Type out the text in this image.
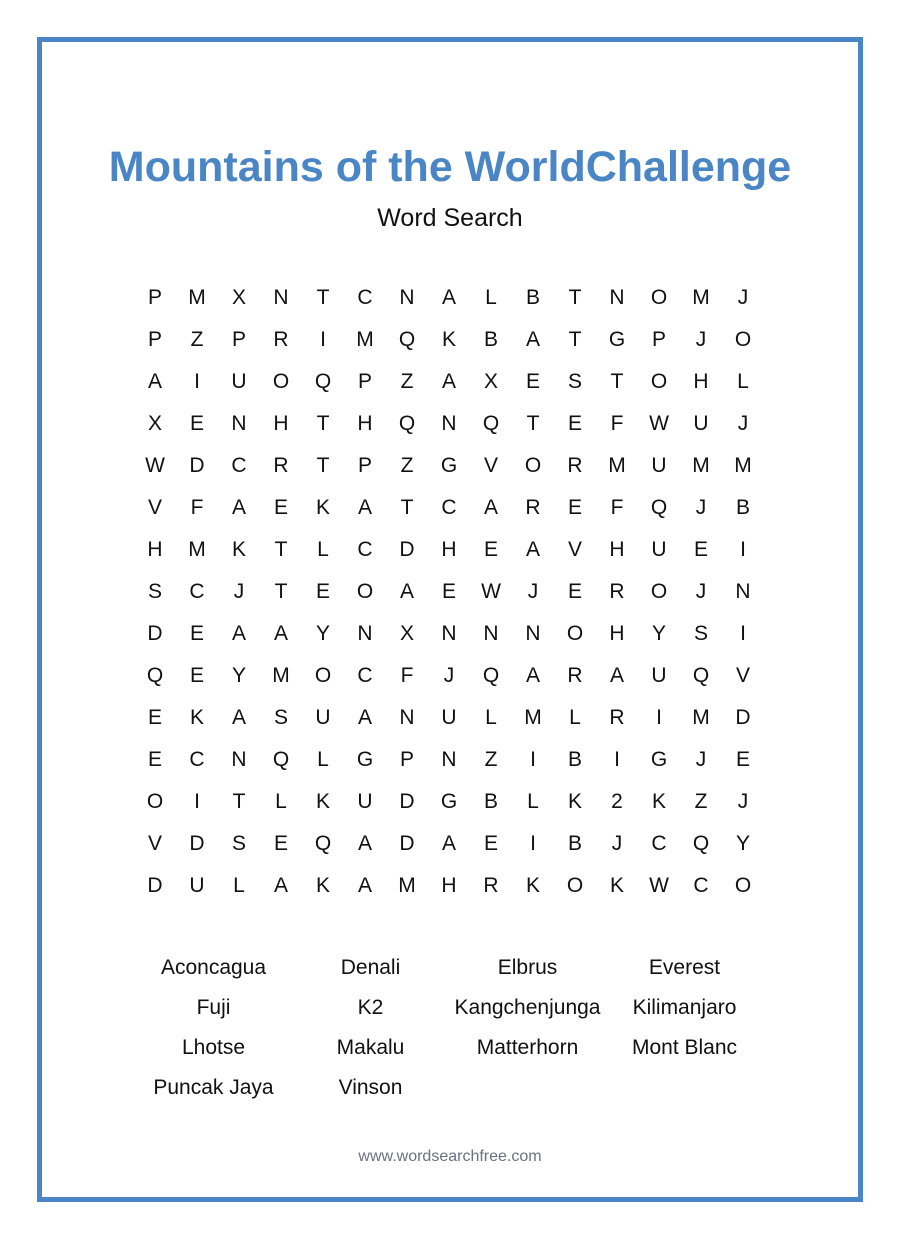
Mountains of the WorldChallenge
Word Search
P	M	X	N	T	C	N	A	L	B	T	N	O	M	J
P	Z	P	R	I	M	Q	K	B	A	T	G	P	J	O
A	I	U	O	Q	P	Z	A	X	E	S	T	O	H	L
X	E	N	H	T	H	Q	N	Q	T	E	F	W	U	J
W	D	C	R	T	P	Z	G	V	O	R	M	U	M	M
V	F	A	E	K	A	T	C	A	R	E	F	Q	J	B
H	M	K	T	L	C	D	H	E	A	V	H	U	E	I
S	C	J	T	E	O	A	E	W	J	E	R	O	J	N
D	E	A	A	Y	N	X	N	N	N	O	H	Y	S	I
Q	E	Y	M	O	C	F	J	Q	A	R	A	U	Q	V
E	K	A	S	U	A	N	U	L	M	L	R	I	M	D
E	C	N	Q	L	G	P	N	Z	I	B	I	G	J	E
O	I	T	L	K	U	D	G	B	L	K	2	K	Z	J
V	D	S	E	Q	A	D	A	E	I	B	J	C	Q	Y
D	U	L	A	K	A	M	H	R	K	O	K	W	C	O
Aconcagua	Denali	Elbrus	Everest
Fuji	K2	Kangchenjunga	Kilimanjaro
Lhotse	Makalu	Matterhorn	Mont Blanc
Puncak Jaya	Vinson
www.wordsearchfree.com
